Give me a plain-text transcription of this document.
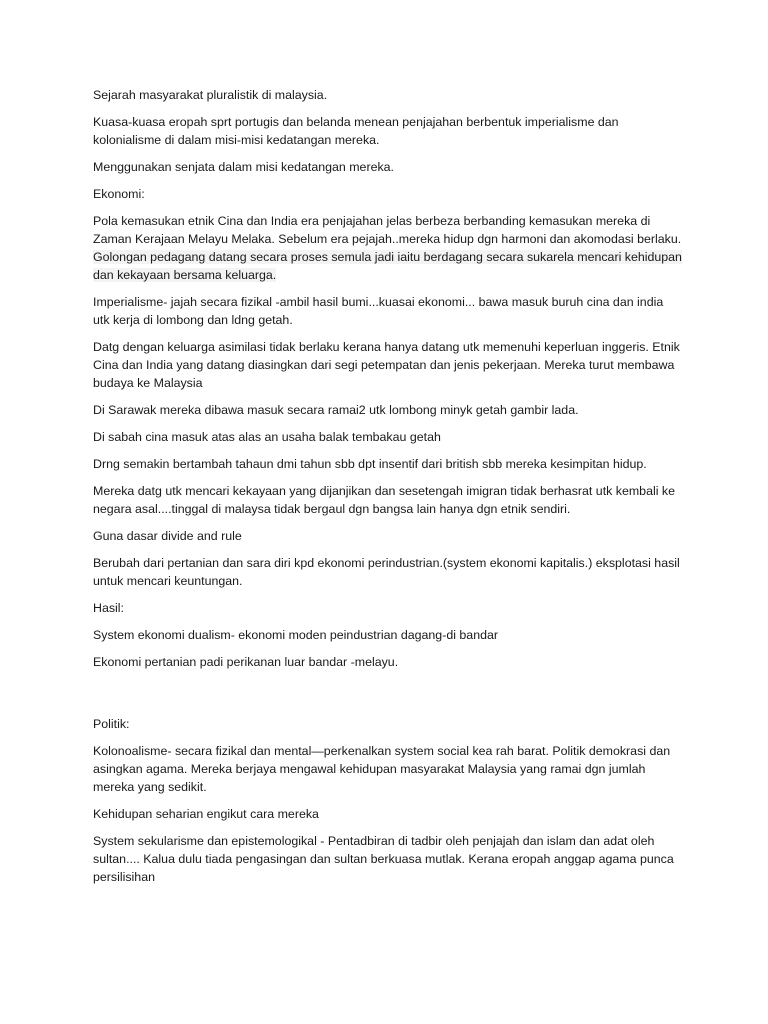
Sejarah masyarakat pluralistik di malaysia.

Kuasa-kuasa eropah sprt portugis dan belanda menean penjajahan berbentuk imperialisme dan kolonialisme di dalam misi-misi kedatangan mereka.

Menggunakan senjata dalam misi kedatangan mereka.

Ekonomi:

Pola kemasukan etnik Cina dan India era penjajahan jelas berbeza berbanding kemasukan mereka di Zaman Kerajaan Melayu Melaka. Sebelum era pejajah..mereka hidup dgn harmoni dan akomodasi berlaku. Golongan pedagang datang secara proses semula jadi iaitu berdagang secara sukarela mencari kehidupan dan kekayaan bersama keluarga.

Imperialisme- jajah secara fizikal -ambil hasil bumi...kuasai ekonomi... bawa masuk buruh cina dan india utk kerja di lombong dan ldng getah.

Datg dengan keluarga asimilasi tidak berlaku kerana hanya datang utk memenuhi keperluan inggeris. Etnik Cina dan India yang datang diasingkan dari segi petempatan dan jenis pekerjaan. Mereka turut membawa budaya ke Malaysia

Di Sarawak mereka dibawa masuk secara ramai2 utk lombong minyk getah gambir lada.

Di sabah cina masuk atas alas an usaha balak tembakau getah

Drng semakin bertambah tahaun dmi tahun sbb dpt insentif dari british sbb mereka kesimpitan hidup.

Mereka datg utk mencari kekayaan yang dijanjikan dan sesetengah imigran tidak berhasrat utk kembali ke negara asal....tinggal di malaysa tidak bergaul dgn bangsa lain hanya dgn etnik sendiri.

Guna dasar divide and rule

Berubah dari pertanian dan sara diri kpd ekonomi perindustrian.(system ekonomi kapitalis.) eksplotasi hasil untuk mencari keuntungan.

Hasil:

System ekonomi dualism- ekonomi moden peindustrian dagang-di bandar

Ekonomi pertanian padi perikanan luar bandar -melayu.

Politik:

Kolonoalisme- secara fizikal dan mental—perkenalkan system social kea rah barat. Politik demokrasi dan asingkan agama. Mereka berjaya mengawal kehidupan masyarakat Malaysia yang ramai dgn jumlah mereka yang sedikit.

Kehidupan seharian engikut cara mereka

System sekularisme dan epistemologikal - Pentadbiran di tadbir oleh penjajah dan islam dan adat oleh sultan.... Kalua dulu tiada pengasingan dan sultan berkuasa mutlak. Kerana eropah anggap agama punca persilisihan
